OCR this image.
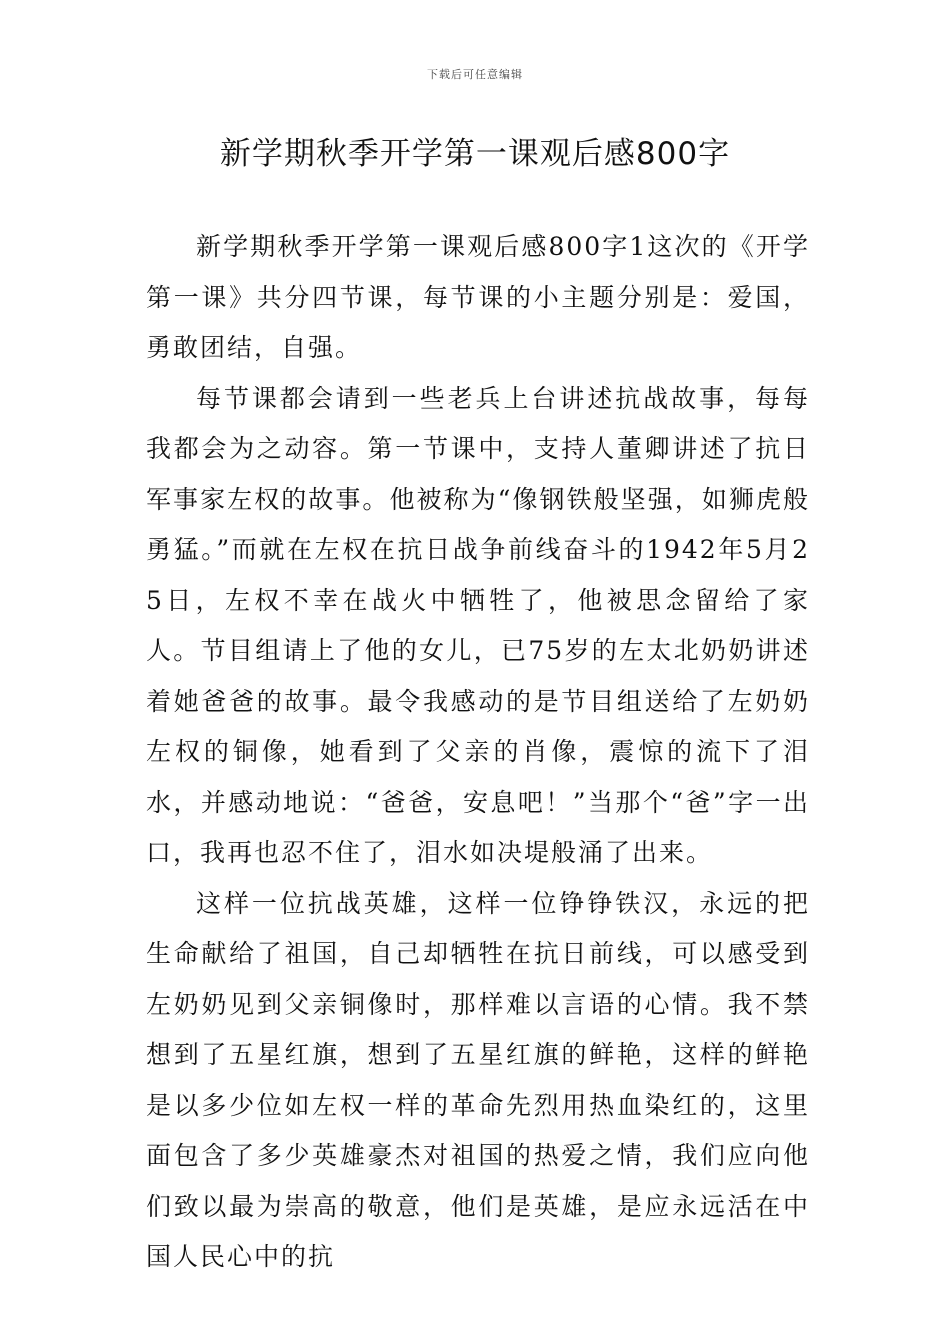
下载后可任意编辑
新学期秋季开学第一课观后感800字

新学期秋季开学第一课观后感800字1这次的《开学第一课》共分四节课，每节课的小主题分别是：爱国，勇敢团结，自强。

每节课都会请到一些老兵上台讲述抗战故事，每每我都会为之动容。第一节课中，支持人董卿讲述了抗日军事家左权的故事。他被称为“像钢铁般坚强，如狮虎般勇猛。”而就在左权在抗日战争前线奋斗的1942年5月25日，左权不幸在战火中牺牲了，他被思念留给了家人。节目组请上了他的女儿，已75岁的左太北奶奶讲述着她爸爸的故事。最令我感动的是节目组送给了左奶奶左权的铜像，她看到了父亲的肖像，震惊的流下了泪水，并感动地说：“爸爸，安息吧！”当那个“爸”字一出口，我再也忍不住了，泪水如决堤般涌了出来。

这样一位抗战英雄，这样一位铮铮铁汉，永远的把生命献给了祖国，自己却牺牲在抗日前线，可以感受到左奶奶见到父亲铜像时，那样难以言语的心情。我不禁想到了五星红旗，想到了五星红旗的鲜艳，这样的鲜艳是以多少位如左权一样的革命先烈用热血染红的，这里面包含了多少英雄豪杰对祖国的热爱之情，我们应向他们致以最为崇高的敬意，他们是英雄，是应永远活在中国人民心中的抗
